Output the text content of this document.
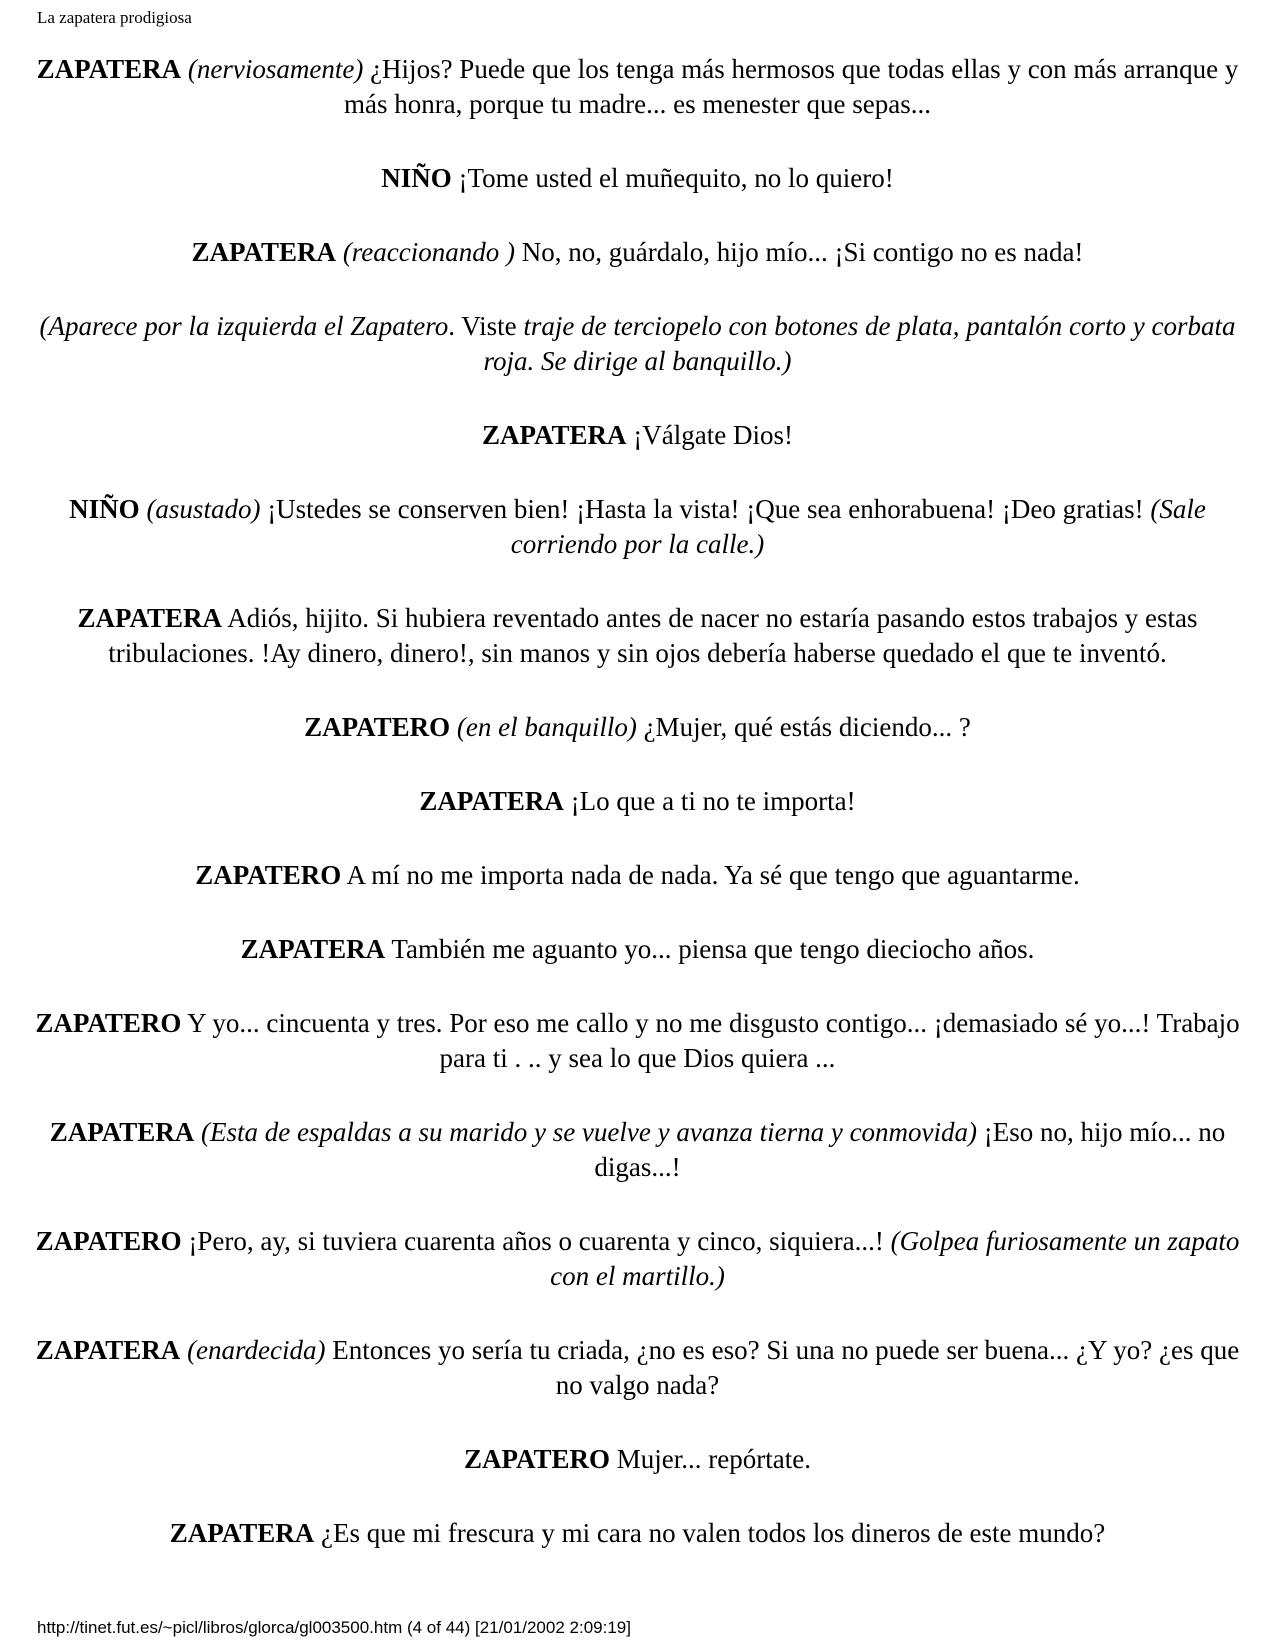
La zapatera prodigiosa

ZAPATERA (nerviosamente) ¿Hijos? Puede que los tenga más hermosos que todas ellas y con más arranque y más honra, porque tu madre... es menester que sepas...

NIÑO ¡Tome usted el muñequito, no lo quiero!

ZAPATERA (reaccionando ) No, no, guárdalo, hijo mío... ¡Si contigo no es nada!

(Aparece por la izquierda el Zapatero. Viste traje de terciopelo con botones de plata, pantalón corto y corbata roja. Se dirige al banquillo.)

ZAPATERA ¡Válgate Dios!

NIÑO (asustado) ¡Ustedes se conserven bien! ¡Hasta la vista! ¡Que sea enhorabuena! ¡Deo gratias! (Sale corriendo por la calle.)

ZAPATERA Adiós, hijito. Si hubiera reventado antes de nacer no estaría pasando estos trabajos y estas tribulaciones. !Ay dinero, dinero!, sin manos y sin ojos debería haberse quedado el que te inventó.

ZAPATERO (en el banquillo) ¿Mujer, qué estás diciendo... ?

ZAPATERA ¡Lo que a ti no te importa!

ZAPATERO A mí no me importa nada de nada. Ya sé que tengo que aguantarme.

ZAPATERA También me aguanto yo... piensa que tengo dieciocho años.

ZAPATERO Y yo... cincuenta y tres. Por eso me callo y no me disgusto contigo... ¡demasiado sé yo...! Trabajo para ti . .. y sea lo que Dios quiera ...

ZAPATERA (Esta de espaldas a su marido y se vuelve y avanza tierna y conmovida) ¡Eso no, hijo mío... no digas...!

ZAPATERO ¡Pero, ay, si tuviera cuarenta años o cuarenta y cinco, siquiera...! (Golpea furiosamente un zapato con el martillo.)

ZAPATERA (enardecida) Entonces yo sería tu criada, ¿no es eso? Si una no puede ser buena... ¿Y yo? ¿es que no valgo nada?

ZAPATERO Mujer... repórtate.

ZAPATERA ¿Es que mi frescura y mi cara no valen todos los dineros de este mundo?

http://tinet.fut.es/~picl/libros/glorca/gl003500.htm (4 of 44) [21/01/2002 2:09:19]
